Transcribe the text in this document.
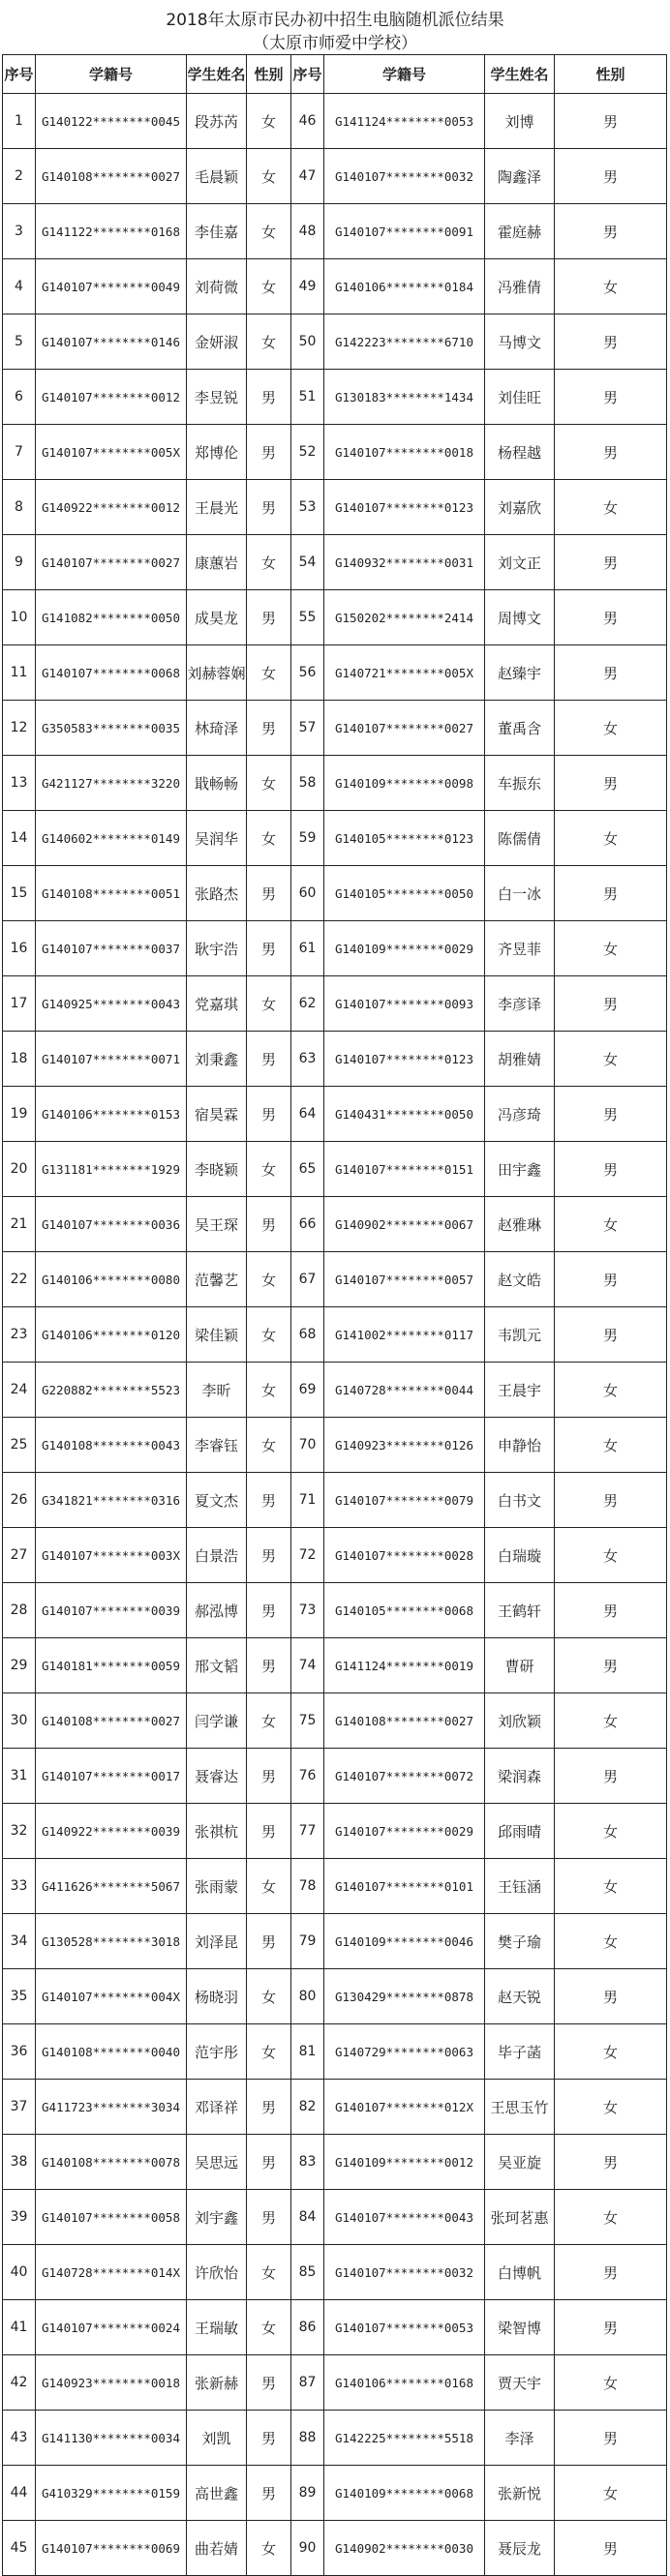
2018年太原市民办初中招生电脑随机派位结果
（太原市师爱中学校）
序号	学籍号	学生姓名	性别	序号	学籍号	学生姓名	性别
1	G140122********0045	段苏芮	女	46	G141124********0053	刘博	男
2	G140108********0027	毛晨颖	女	47	G140107********0032	陶鑫泽	男
3	G141122********0168	李佳嘉	女	48	G140107********0091	霍庭赫	男
4	G140107********0049	刘荷微	女	49	G140106********0184	冯雅倩	女
5	G140107********0146	金妍淑	女	50	G142223********6710	马博文	男
6	G140107********0012	李昱锐	男	51	G130183********1434	刘佳旺	男
7	G140107********005X	郑博伦	男	52	G140107********0018	杨程越	男
8	G140922********0012	王晨光	男	53	G140107********0123	刘嘉欣	女
9	G140107********0027	康蕙岩	女	54	G140932********0031	刘文正	男
10	G141082********0050	成昊龙	男	55	G150202********2414	周博文	男
11	G140107********0068	刘赫蓉娴	女	56	G140721********005X	赵臻宇	男
12	G350583********0035	林琦泽	男	57	G140107********0027	董禹含	女
13	G421127********3220	戢畅畅	女	58	G140109********0098	车振东	男
14	G140602********0149	吴润华	女	59	G140105********0123	陈儒倩	女
15	G140108********0051	张路杰	男	60	G140105********0050	白一冰	男
16	G140107********0037	耿宇浩	男	61	G140109********0029	齐昱菲	女
17	G140925********0043	党嘉琪	女	62	G140107********0093	李彦译	男
18	G140107********0071	刘秉鑫	男	63	G140107********0123	胡雅婧	女
19	G140106********0153	宿昊霖	男	64	G140431********0050	冯彦琦	男
20	G131181********1929	李晓颖	女	65	G140107********0151	田宇鑫	男
21	G140107********0036	吴王琛	男	66	G140902********0067	赵雅琳	女
22	G140106********0080	范馨艺	女	67	G140107********0057	赵文皓	男
23	G140106********0120	梁佳颖	女	68	G141002********0117	韦凯元	男
24	G220882********5523	李昕	女	69	G140728********0044	王晨宇	女
25	G140108********0043	李睿钰	女	70	G140923********0126	申静怡	女
26	G341821********0316	夏文杰	男	71	G140107********0079	白书文	男
27	G140107********003X	白景浩	男	72	G140107********0028	白瑞璇	女
28	G140107********0039	郝泓博	男	73	G140105********0068	王鹤轩	男
29	G140181********0059	邢文韬	男	74	G141124********0019	曹研	男
30	G140108********0027	闫学谦	女	75	G140108********0027	刘欣颖	女
31	G140107********0017	聂睿达	男	76	G140107********0072	梁润森	男
32	G140922********0039	张祺杭	男	77	G140107********0029	邱雨晴	女
33	G411626********5067	张雨蒙	女	78	G140107********0101	王钰涵	女
34	G130528********3018	刘泽昆	男	79	G140109********0046	樊子瑜	女
35	G140107********004X	杨晓羽	女	80	G130429********0878	赵天锐	男
36	G140108********0040	范宇彤	女	81	G140729********0063	毕子菡	女
37	G411723********3034	邓译祥	男	82	G140107********012X	王思玉竹	女
38	G140108********0078	吴思远	男	83	G140109********0012	吴亚旋	男
39	G140107********0058	刘宇鑫	男	84	G140107********0043	张珂茗惠	女
40	G140728********014X	许欣怡	女	85	G140107********0032	白博帆	男
41	G140107********0024	王瑞敏	女	86	G140107********0053	梁智博	男
42	G140923********0018	张新赫	男	87	G140106********0168	贾天宇	女
43	G141130********0034	刘凯	男	88	G142225********5518	李泽	男
44	G410329********0159	高世鑫	男	89	G140109********0068	张新悦	女
45	G140107********0069	曲若婧	女	90	G140902********0030	聂辰龙	男
